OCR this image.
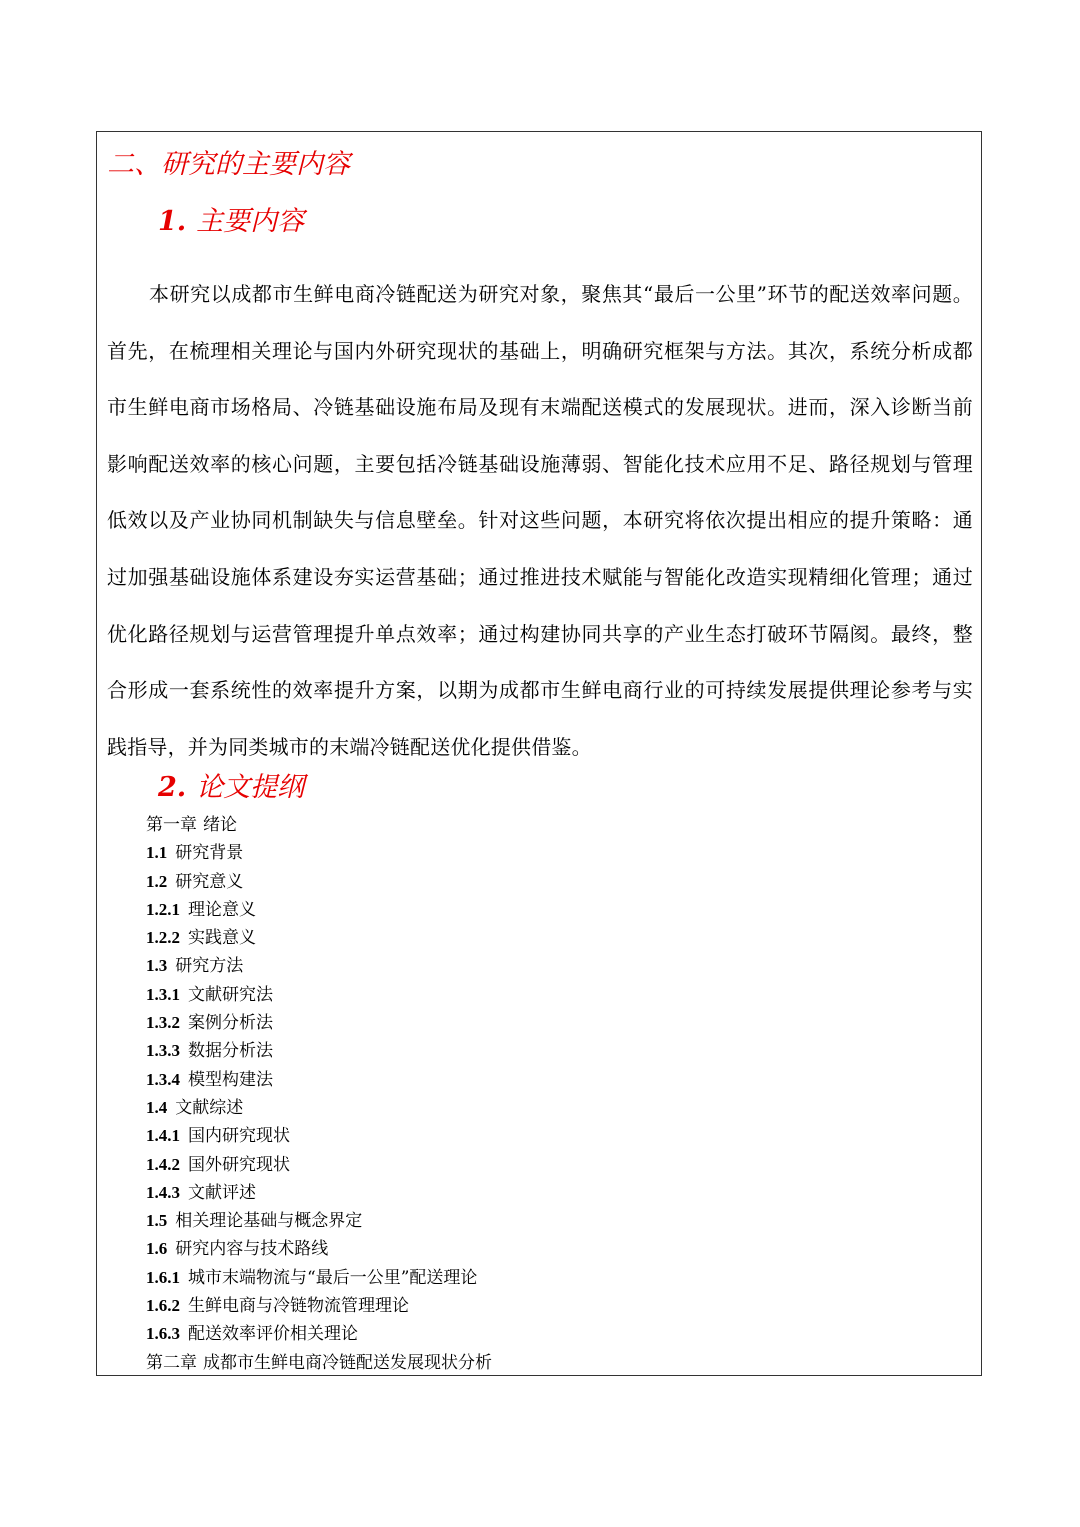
二、研究的主要内容
1. 主要内容

本研究以成都市生鲜电商冷链配送为研究对象，聚焦其“最后一公里”环节的配送效率问题。首先，在梳理相关理论与国内外研究现状的基础上，明确研究框架与方法。其次，系统分析成都市生鲜电商市场格局、冷链基础设施布局及现有末端配送模式的发展现状。进而，深入诊断当前影响配送效率的核心问题，主要包括冷链基础设施薄弱、智能化技术应用不足、路径规划与管理低效以及产业协同机制缺失与信息壁垒。针对这些问题，本研究将依次提出相应的提升策略：通过加强基础设施体系建设夯实运营基础；通过推进技术赋能与智能化改造实现精细化管理；通过优化路径规划与运营管理提升单点效率；通过构建协同共享的产业生态打破环节隔阂。最终，整合形成一套系统性的效率提升方案，以期为成都市生鲜电商行业的可持续发展提供理论参考与实践指导，并为同类城市的末端冷链配送优化提供借鉴。

2. 论文提纲
第一章 绪论
1.1 研究背景
1.2 研究意义
1.2.1 理论意义
1.2.2 实践意义
1.3 研究方法
1.3.1 文献研究法
1.3.2 案例分析法
1.3.3 数据分析法
1.3.4 模型构建法
1.4 文献综述
1.4.1 国内研究现状
1.4.2 国外研究现状
1.4.3 文献评述
1.5 相关理论基础与概念界定
1.6 研究内容与技术路线
1.6.1 城市末端物流与“最后一公里”配送理论
1.6.2 生鲜电商与冷链物流管理理论
1.6.3 配送效率评价相关理论
第二章 成都市生鲜电商冷链配送发展现状分析
